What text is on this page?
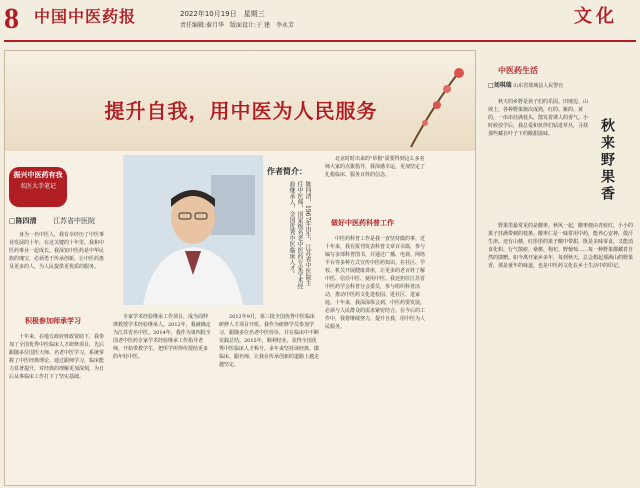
8 中国中医药报	2022年10月19日　星期三
责任编辑:秦月华　版面设计:于 建　李永芳	文化
提升自我，用中医为人民服务
振兴中医药有我
名医大手笔记
□陈四清 江苏省中医院
身为一名中医人，我有幸经历了中医事业发展的十年，在这关键的十年里，我和中医药事业一起成长。我深知中医药是中华民族的瑰宝，必须勇于传承创新，让中医药惠及更多的人，为人民提供更优质的服务。
积极参加师承学习
十年来，在地方政府财政资助下，我参加了全国优秀中医临床人才研修项目，先后跟随多位国医大师、名老中医学习，系统掌握了中医经典理论。通过跟师学习，临床能力显著提升，对经典的理解更加深刻，为日后从事临床工作打下了坚实基础。
作者简介：
陈四清，1967年出生，江苏省中医院主任中医师，国家级名老中医药专家学术经验继承人，全国优秀中医临床人才。
专家学术经验继承工作项目，成为周仲瑛教授学术经验继承人。2012年，我被确定为江苏省名中医。2014年，我作为第四批全国老中医药专家学术经验继承工作指导老师，开始带教学生，把所学所得传授给更多的年轻中医。
2012年9月，第三批全国优秀中医临床研修人才项目开班。我作为研修学员参加学习，跟随多位名老中医侍诊，并在临床中不断实践总结。2015年，顺利结业，获得全国优秀中医临床人才称号。多年来坚持读经典、做临床、跟名师，让我在传承创新的道路上越走越坚定。
北京时时出来的"草根"需要得到这么多名师大家的点拨指导，我深感幸运，更加坚定了扎根临床、服务百姓的信念。
做好中医药科普工作
中医药科普工作是我一直坚持做的事。近十年来，我在报刊发表科普文章百余篇，参与编写多部科普图书，并通过广播、电视、网络平台等多种方式宣传中医药知识。在社区、学校、机关开展健康讲座，让更多的老百姓了解中医、信任中医、使用中医。我还担任江苏省中医药学会科普分会委员，参与组织科普活动，推动中医药文化进校园、进社区、进家庭。十年来，我深深体会到，中医药要发展，必须与人民群众的需求紧密结合。在今后的工作中，我将继续努力，提升自我，用中医为人民服务。
中医药生活
□刘琪瑞 山东省郯城县人民警官
秋天的乡野是孩子们的乐园。田埂边、山坡上，各种野果渐次成熟，红的、紫的、黄的，一串串挂满枝头，散发着诱人的香气。小时候放学后，我总爱和伙伴们钻进草丛，寻找那些藏在叶子下的酸甜滋味。	秋来野果香
野果里最常见的是酸枣。秋风一起，酸枣便由青转红，小小的果子挂满带刺的枝条。酸枣仁是一味常用中药，能养心安神、敛汗生津。还有山楂，红彤彤的果子酸中带甜，既是美味零食，又能消食化积、行气散瘀。桑椹、枸杞、野葡萄……每一种野果都藏着自然的馈赠。如今离开家乡多年，每到秋天，总会想起那满山的野果香，那是童年的味道，也是中医药文化在乡土生活中的印记。
